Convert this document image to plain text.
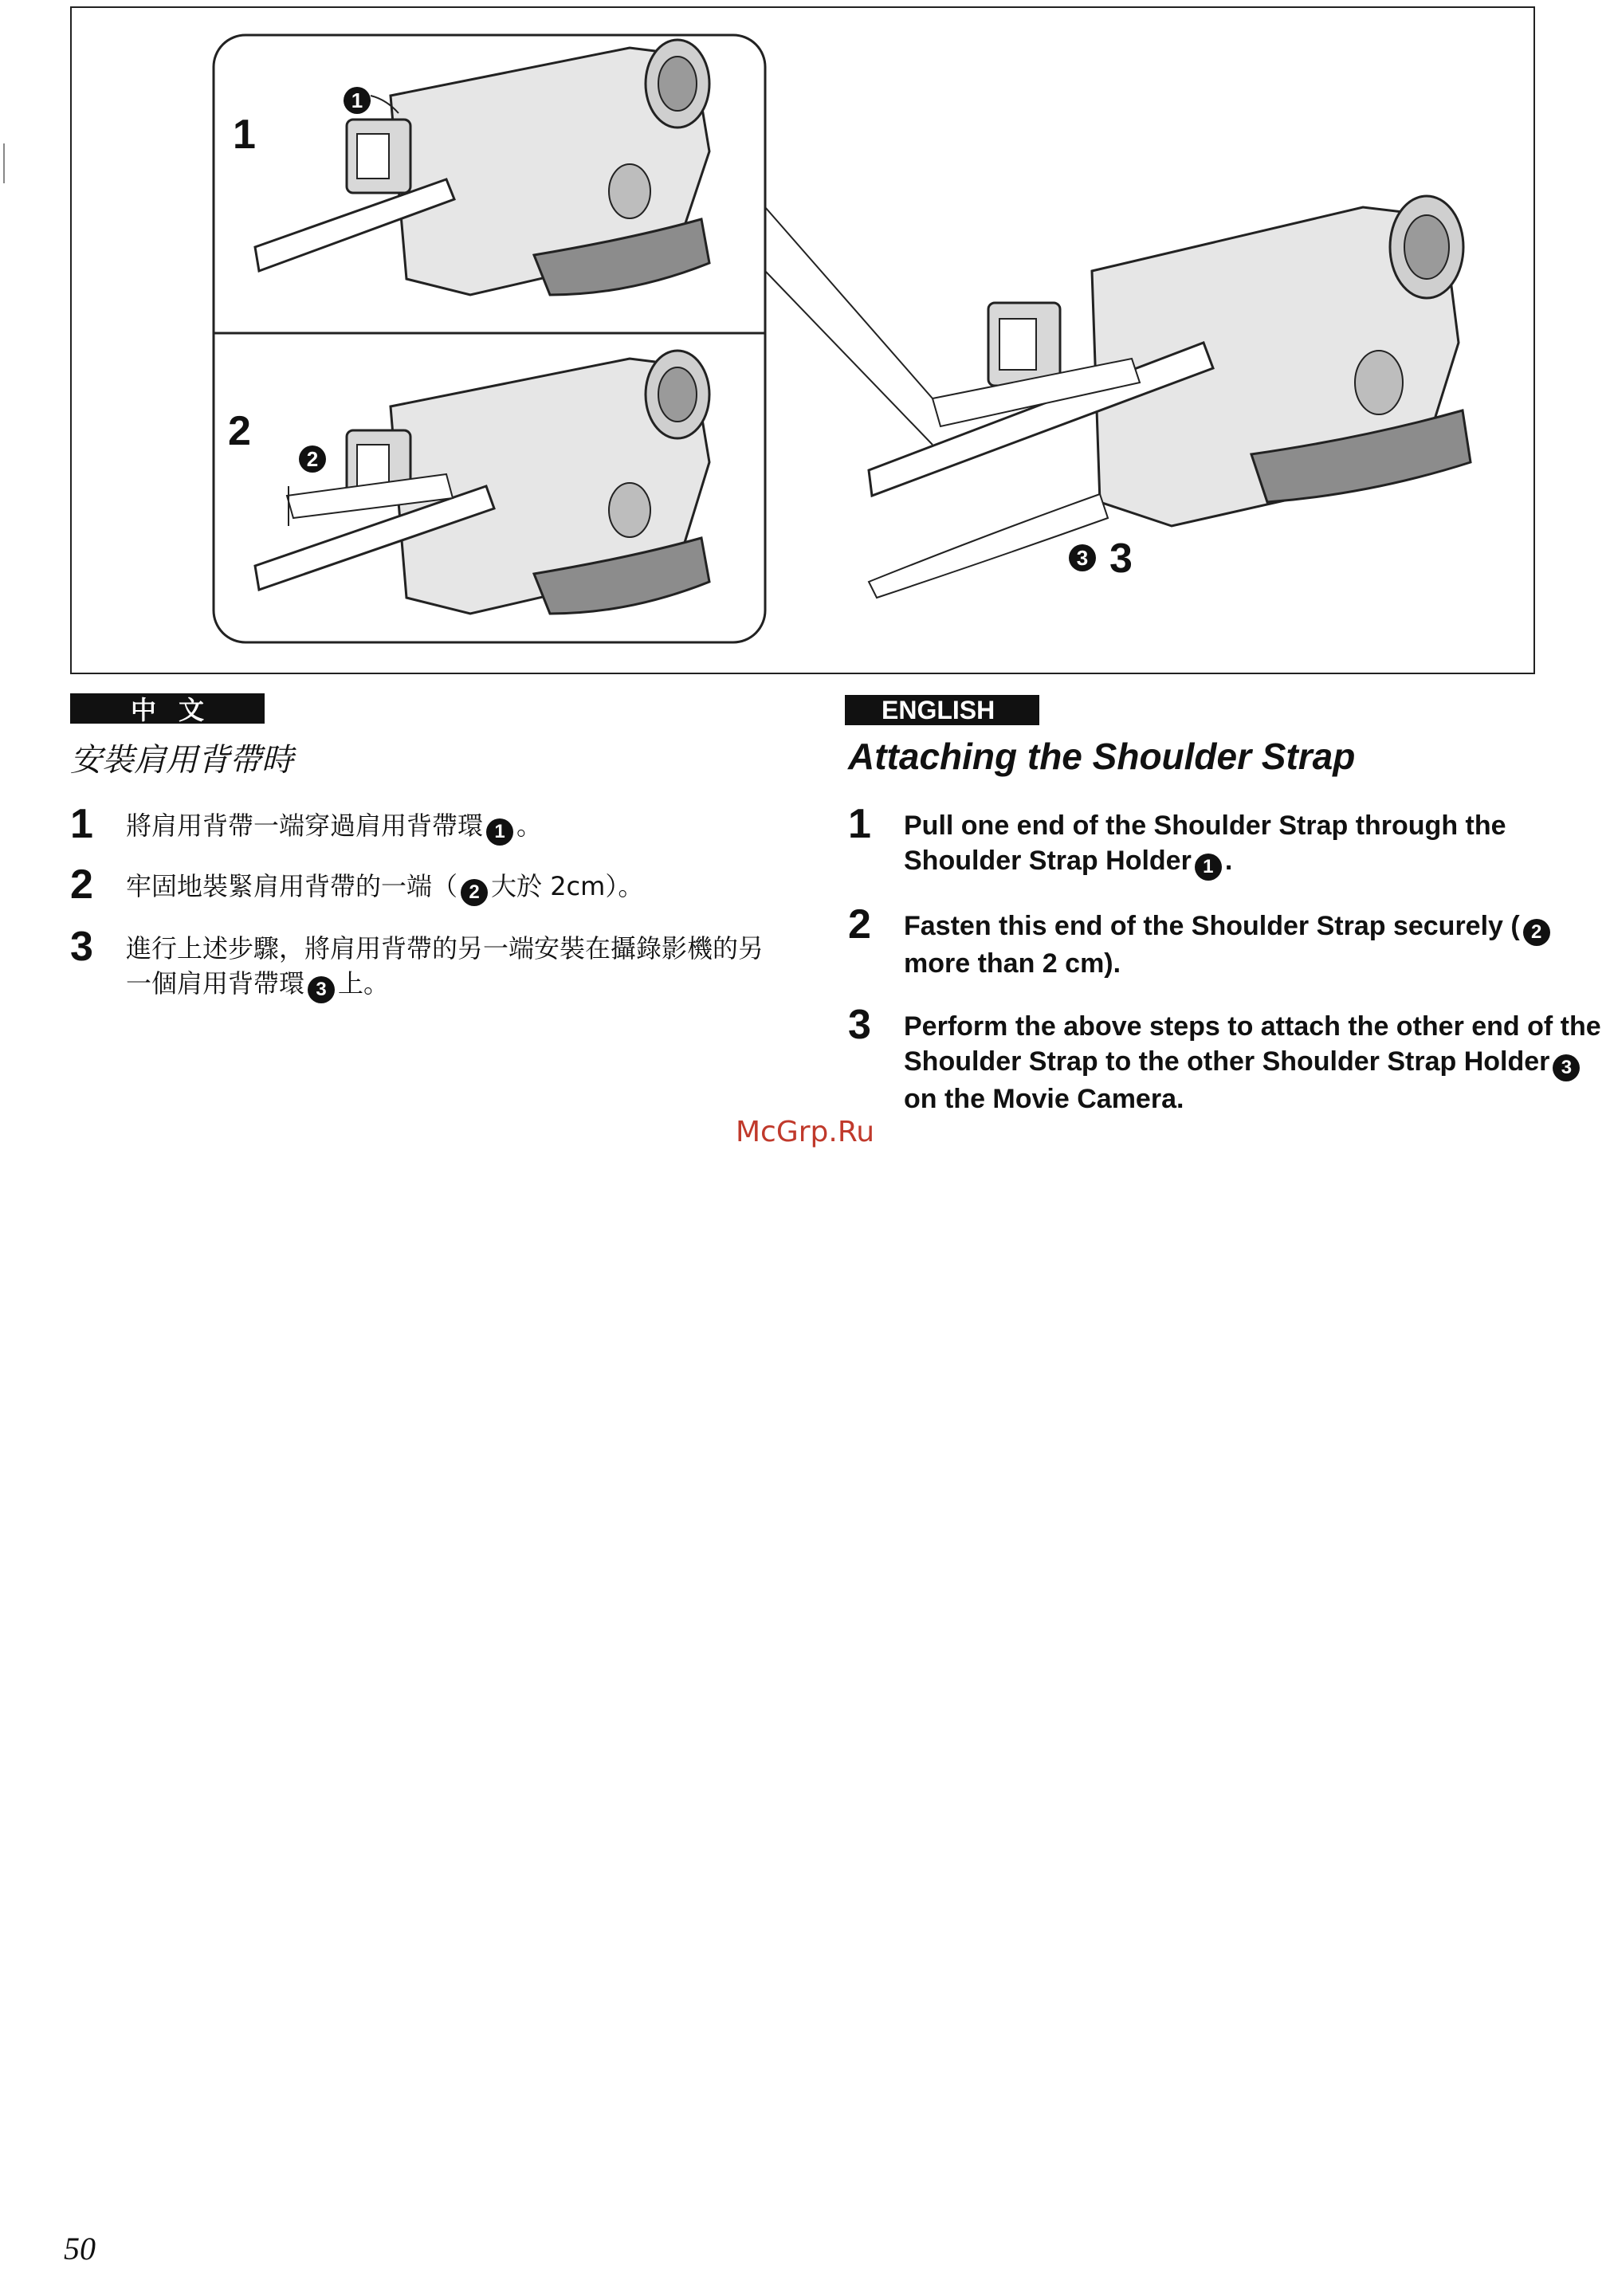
1
2
3
1
2
3
中文
安裝肩用背帶時
1	將肩用背帶一端穿過肩用背帶環 1 。
2	牢固地裝緊肩用背帶的一端（ 2 大於 2cm）。
3	進行上述步驟，將肩用背帶的另一端安裝在攝錄影機的另一個肩用背帶環 3 上。
ENGLISH
Attaching the Shoulder Strap
1	Pull one end of the Shoulder Strap through the Shoulder Strap Holder 1 .
2	Fasten this end of the Shoulder Strap securely ( 2more than 2 cm).
3	Perform the above steps to attach the other end of the Shoulder Strap to the other Shoulder Strap Holder 3on the Movie Camera.
McGrp.Ru
50
